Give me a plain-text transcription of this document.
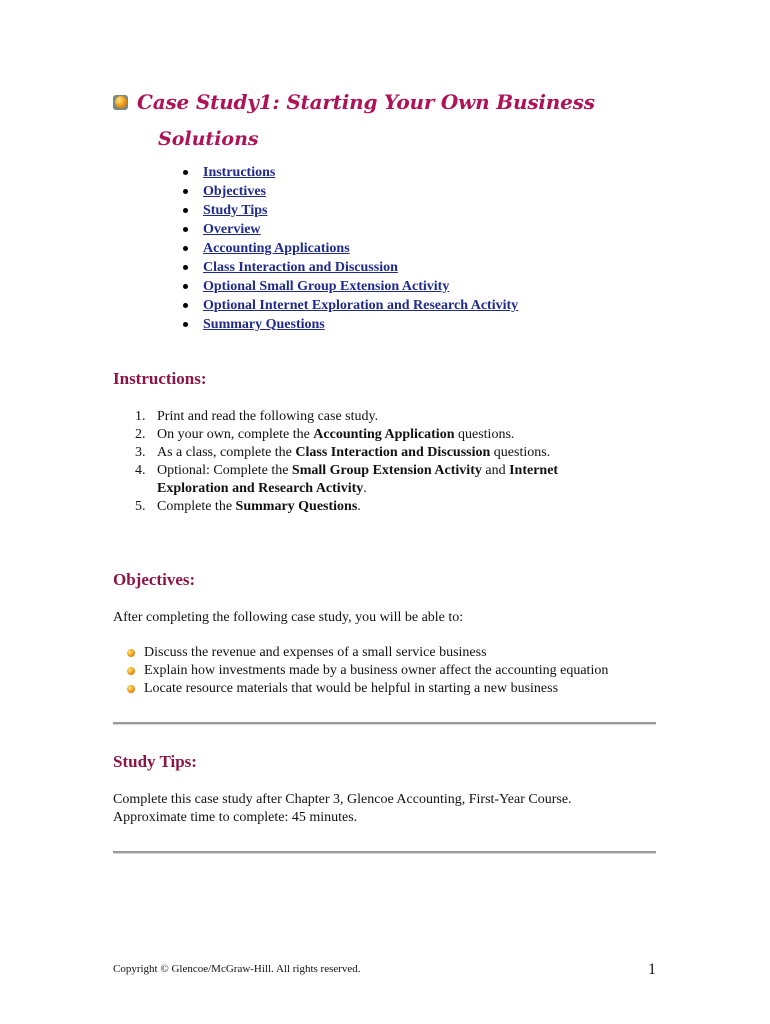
Case Study1: Starting Your Own Business
Solutions
Instructions
Objectives
Study Tips
Overview
Accounting Applications
Class Interaction and Discussion
Optional Small Group Extension Activity
Optional Internet Exploration and Research Activity
Summary Questions
Instructions:
1. Print and read the following case study.
2. On your own, complete the Accounting Application questions.
3. As a class, complete the Class Interaction and Discussion questions.
4. Optional: Complete the Small Group Extension Activity and Internet
Exploration and Research Activity.
5. Complete the Summary Questions.
Objectives:
After completing the following case study, you will be able to:
Discuss the revenue and expenses of a small service business
Explain how investments made by a business owner affect the accounting equation
Locate resource materials that would be helpful in starting a new business
Study Tips:
Complete this case study after Chapter 3, Glencoe Accounting, First-Year Course.
Approximate time to complete: 45 minutes.
Copyright © Glencoe/McGraw-Hill. All rights reserved.	1
